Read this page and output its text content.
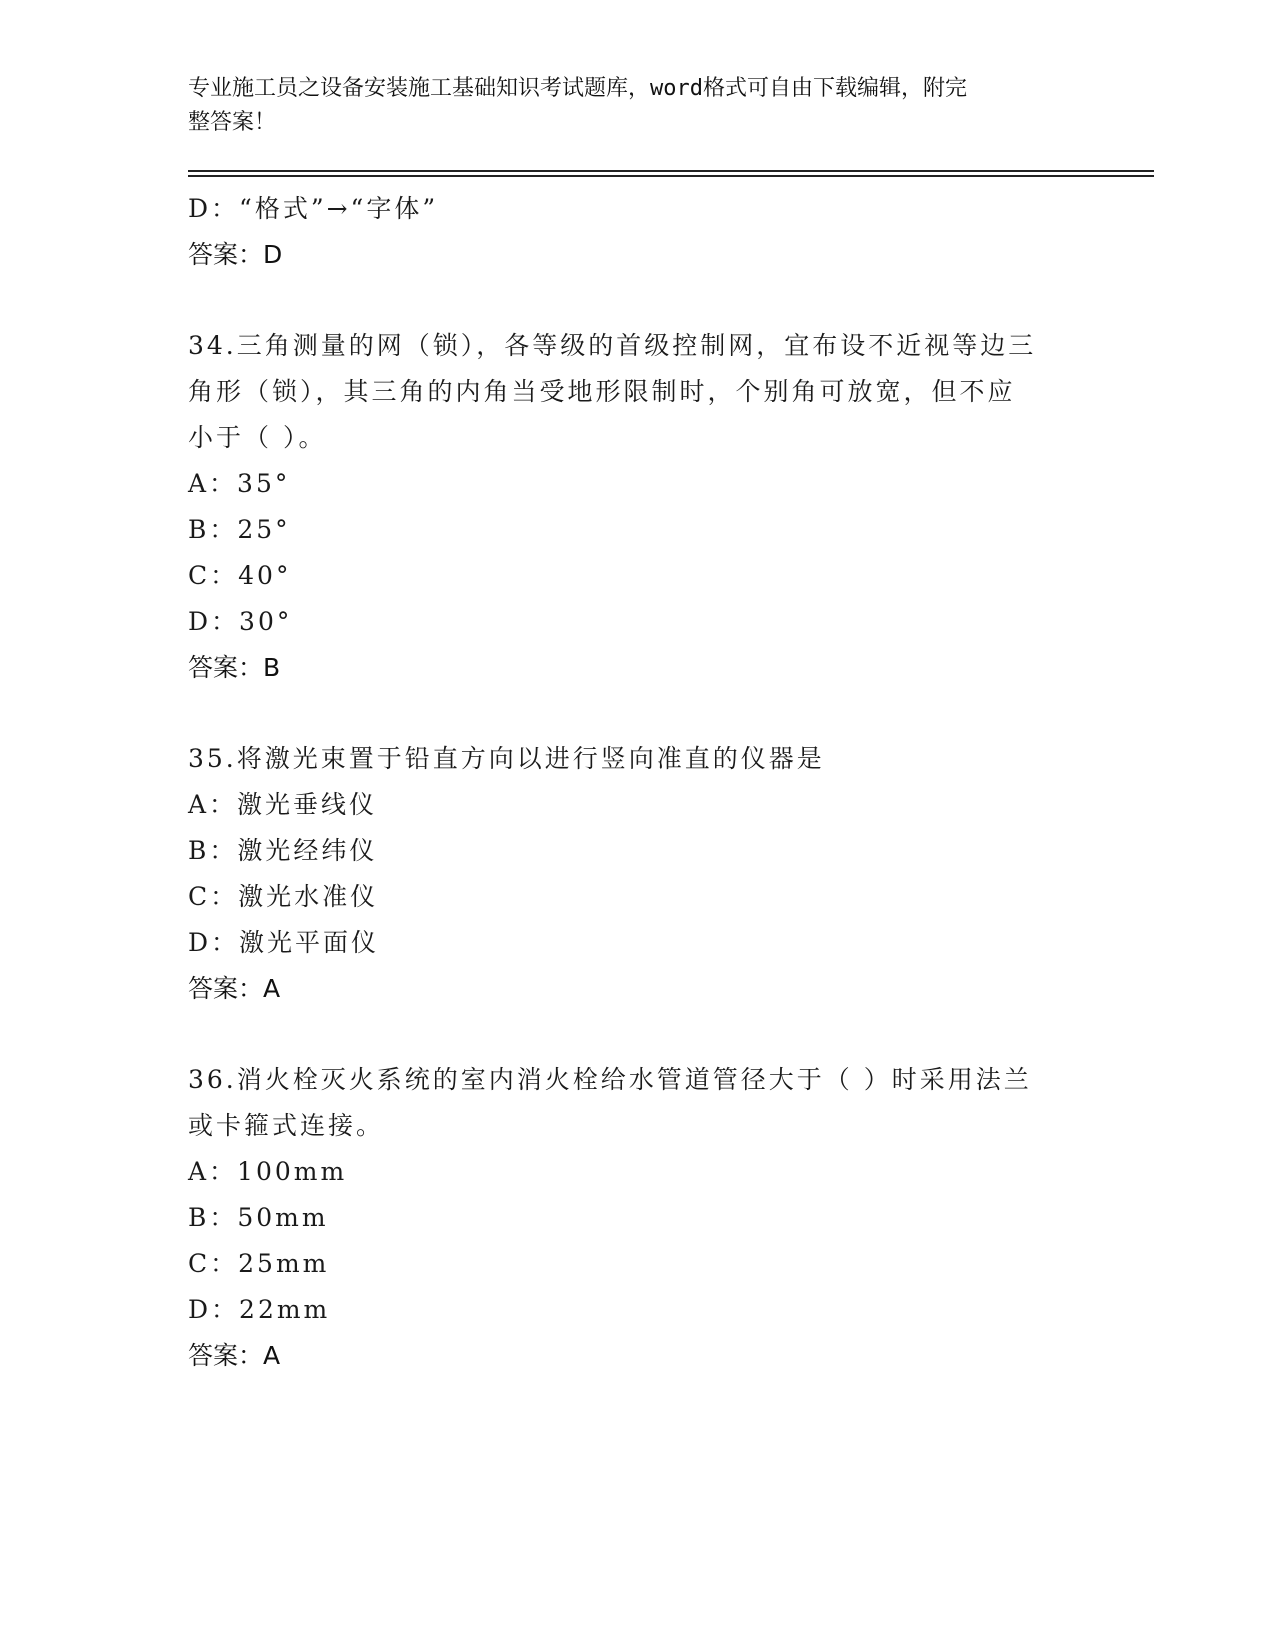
专业施工员之设备安装施工基础知识考试题库，word格式可自由下载编辑，附完
整答案！
D：“格式”→“字体”
答案：D
34.三角测量的网（锁），各等级的首级控制网，宜布设不近视等边三
角形（锁），其三角的内角当受地形限制时，个别角可放宽，但不应
小于（ ）。
A：35°
B：25°
C：40°
D：30°
答案：B
35.将激光束置于铅直方向以进行竖向准直的仪器是
A：激光垂线仪
B：激光经纬仪
C：激光水准仪
D：激光平面仪
答案：A
36.消火栓灭火系统的室内消火栓给水管道管径大于（ ）时采用法兰
或卡箍式连接。
A：100mm
B：50mm
C：25mm
D：22mm
答案：A
